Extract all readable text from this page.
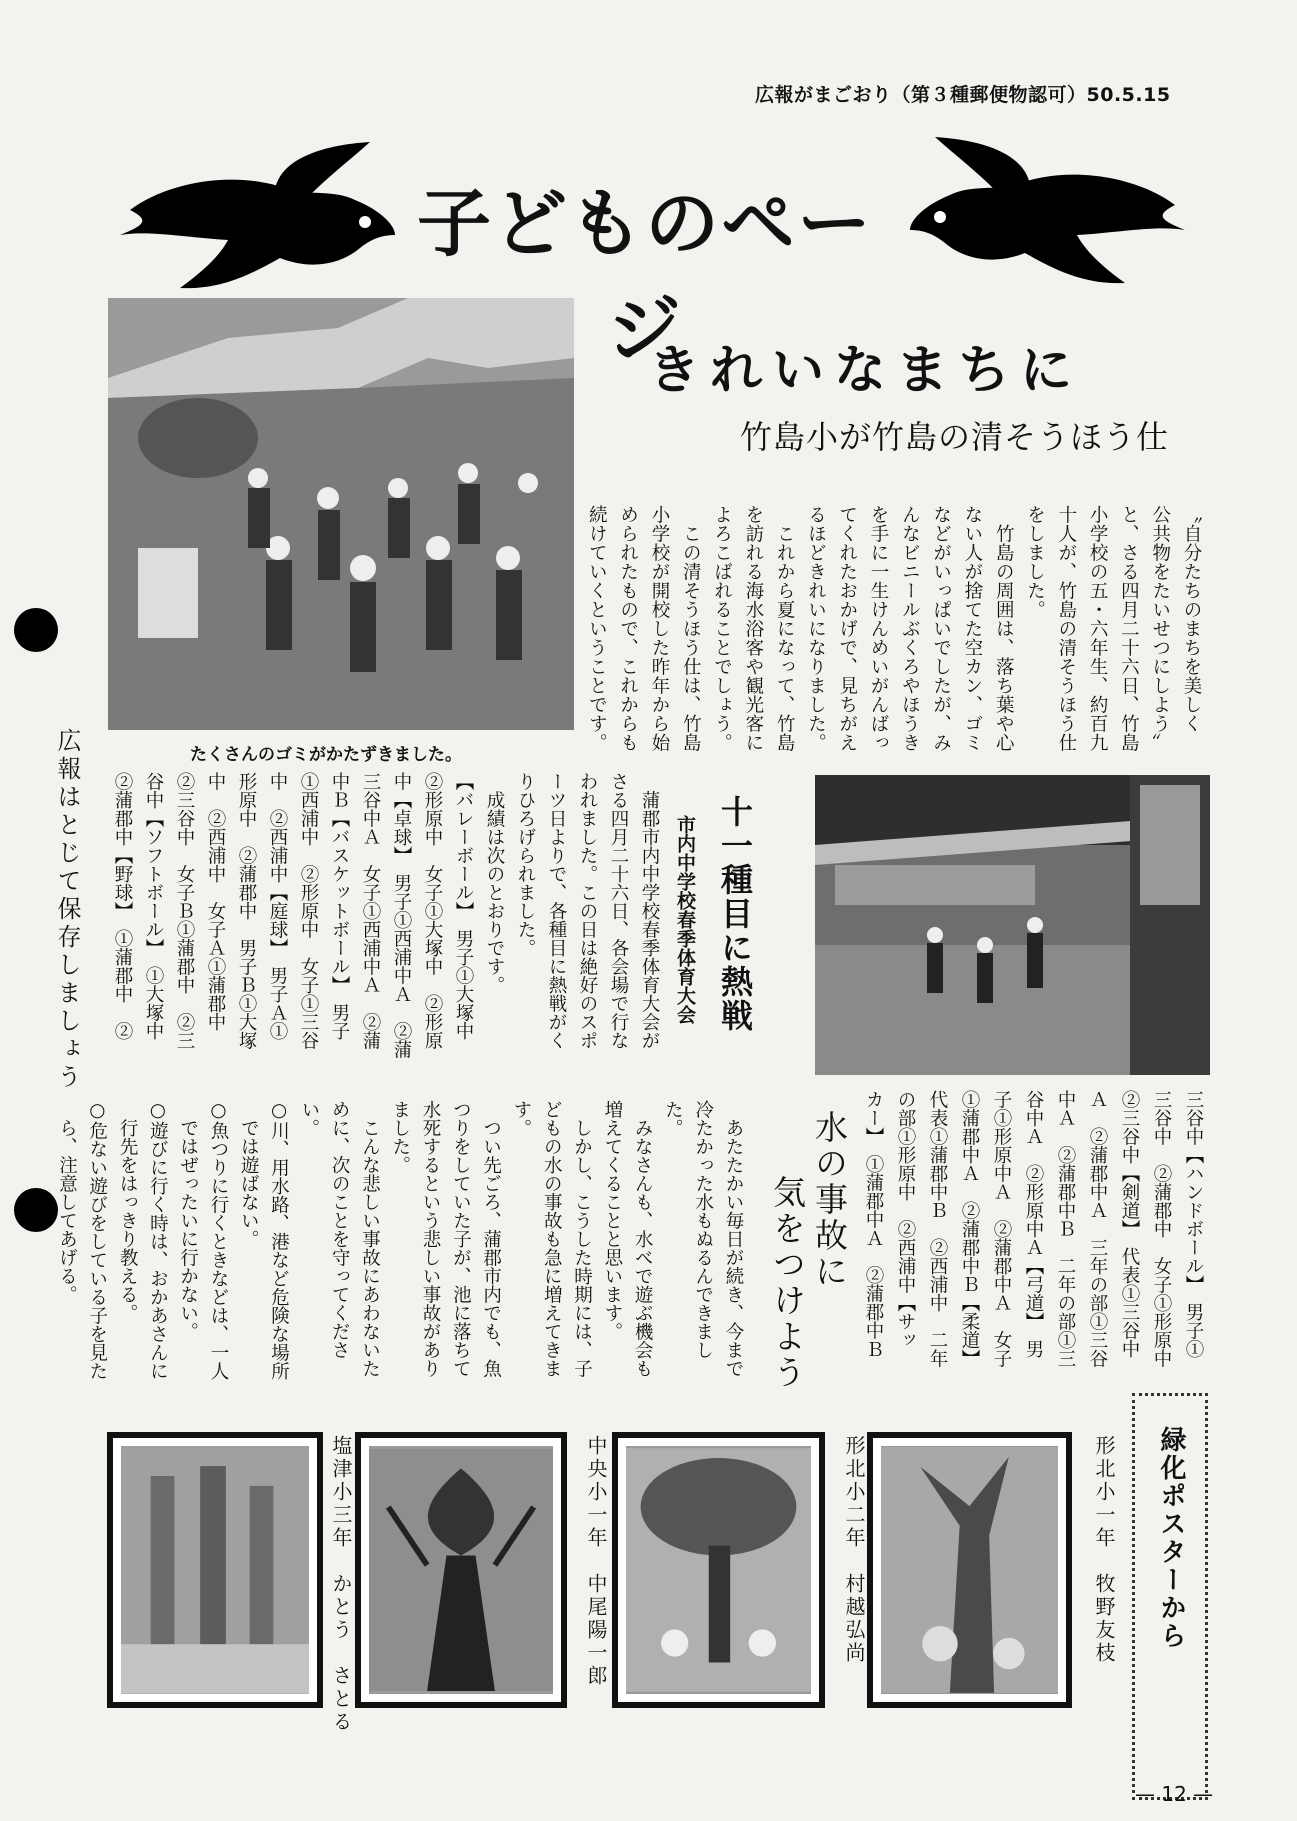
広報がまごおり（第３種郵便物認可）50.5.15
子どものページ
たくさんのゴミがかたずきました。
きれいなまちに
竹島小が竹島の清そうほう仕
〝自分たちのまちを美しく
公共物をたいせつにしよう〟
と、さる四月二十六日、竹島
小学校の五・六年生、約百九
十人が、竹島の清そうほう仕
をしました。
　竹島の周囲は、落ち葉や心
ない人が捨てた空カン、ゴミ
などがいっぱいでしたが、み
んなビニールぶくろやほうき
を手に一生けんめいがんばっ
てくれたおかげで、見ちがえ
るほどきれいになりました。
　これから夏になって、竹島
を訪れる海水浴客や観光客に
よろこばれることでしょう。
　この清そうほう仕は、竹島
小学校が開校した昨年から始
められたもので、これからも
続けていくということです。
広報はとじて保存しましょう	十一種目に熱戦
市内中学校春季体育大会
　蒲郡市内中学校春季体育大会が
さる四月二十六日、各会場で行な
われました。この日は絶好のスポ
ーツ日よりで、各種目に熱戦がく
りひろげられました。
　成績は次のとおりです。
【バレーボール】　男子①大塚中
②形原中　女子①大塚中　②形原
中【卓球】　男子①西浦中Ａ　②蒲
三谷中Ａ　女子①西浦中Ａ　②蒲
中Ｂ【バスケットボール】　男子
①西浦中　②形原中　女子①三谷
中　②西浦中【庭球】　男子Ａ①
形原中　②蒲郡中　男子Ｂ①大塚
中　②西浦中　女子Ａ①蒲郡中
②三谷中　女子Ｂ①蒲郡中　②三
谷中【ソフトボール】　①大塚中
②蒲郡中【野球】　①蒲郡中　②
三谷中【ハンドボール】　男子①
三谷中　②蒲郡中　女子①形原中
②三谷中【剣道】　代表①三谷中
Ａ　②蒲郡中Ａ　三年の部①三谷
中Ａ　②蒲郡中Ｂ　二年の部①三
谷中Ａ　②形原中Ａ【弓道】　男
子①形原中Ａ　②蒲郡中Ａ　女子
①蒲郡中Ａ　②蒲郡中Ｂ【柔道】
代表①蒲郡中Ｂ　②西浦中　二年
の部①形原中　②西浦中【サッ
カー】　①蒲郡中Ａ　②蒲郡中Ｂ
水の事故に
気をつけよう
　あたたかい毎日が続き、今まで
冷たかった水もぬるんできました。
　みなさんも、水べで遊ぶ機会も
増えてくることと思います。
　しかし、こうした時期には、子
どもの水の事故も急に増えてきま
す。
　つい先ごろ、蒲郡市内でも、魚
つりをしていた子が、池に落ちて
水死するという悲しい事故があり
ました。
　こんな悲しい事故にあわないた
めに、次のことを守ってください。
○川、用水路、港など危険な場所
　では遊ばない。
○魚つりに行くときなどは、一人
　ではぜったいに行かない。
○遊びに行く時は、おかあさんに
　行先をはっきり教える。
○危ない遊びをしている子を見た
　ら、注意してあげる。
緑化ポスターから
形北小一年　牧野友枝
形北小二年　村越弘尚
中央小一年　中尾陽一郎
塩津小三年　かとう　さとる
— 12 —
